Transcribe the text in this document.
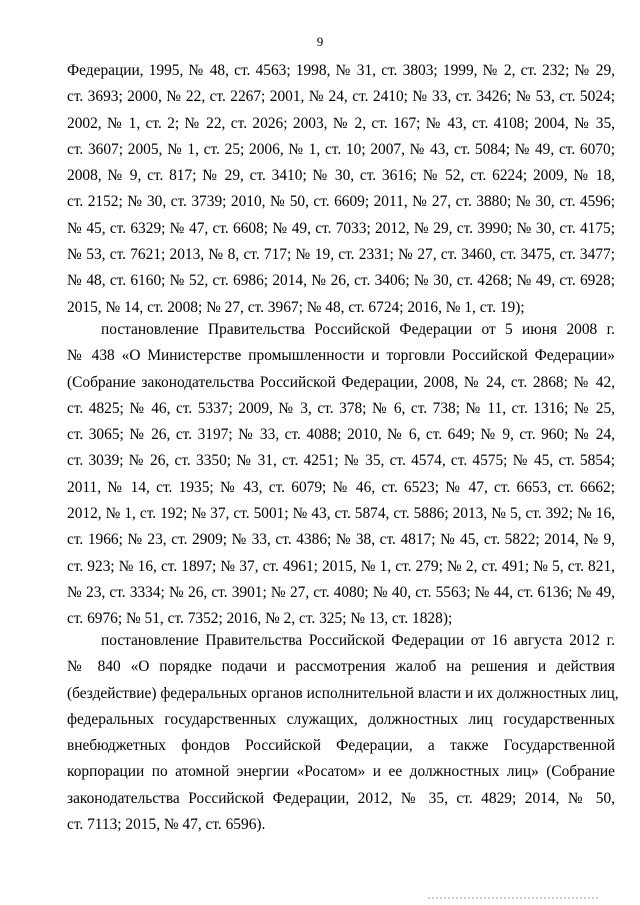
9

Федерации, 1995, № 48, ст. 4563; 1998, № 31, ст. 3803; 1999, № 2, ст. 232; № 29,
ст. 3693; 2000, № 22, ст. 2267; 2001, № 24, ст. 2410; № 33, ст. 3426; № 53, ст. 5024;
2002, № 1, ст. 2; № 22, ст. 2026; 2003, № 2, ст. 167; № 43, ст. 4108; 2004, № 35,
ст. 3607; 2005, № 1, ст. 25; 2006, № 1, ст. 10; 2007, № 43, ст. 5084; № 49, ст. 6070;
2008, № 9, ст. 817; № 29, ст. 3410; № 30, ст. 3616; № 52, ст. 6224; 2009, № 18,
ст. 2152; № 30, ст. 3739; 2010, № 50, ст. 6609; 2011, № 27, ст. 3880; № 30, ст. 4596;
№ 45, ст. 6329; № 47, ст. 6608; № 49, ст. 7033; 2012, № 29, ст. 3990; № 30, ст. 4175;
№ 53, ст. 7621; 2013, № 8, ст. 717; № 19, ст. 2331; № 27, ст. 3460, ст. 3475, ст. 3477;
№ 48, ст. 6160; № 52, ст. 6986; 2014, № 26, ст. 3406; № 30, ст. 4268; № 49, ст. 6928;
2015, № 14, ст. 2008; № 27, ст. 3967; № 48, ст. 6724; 2016, № 1, ст. 19);

постановление Правительства Российской Федерации от 5 июня 2008 г.
№ 438 «О Министерстве промышленности и торговли Российской Федерации»
(Собрание законодательства Российской Федерации, 2008, № 24, ст. 2868; № 42,
ст. 4825; № 46, ст. 5337; 2009, № 3, ст. 378; № 6, ст. 738; № 11, ст. 1316; № 25,
ст. 3065; № 26, ст. 3197; № 33, ст. 4088; 2010, № 6, ст. 649; № 9, ст. 960; № 24,
ст. 3039; № 26, ст. 3350; № 31, ст. 4251; № 35, ст. 4574, ст. 4575; № 45, ст. 5854;
2011, № 14, ст. 1935; № 43, ст. 6079; № 46, ст. 6523; № 47, ст. 6653, ст. 6662;
2012, № 1, ст. 192; № 37, ст. 5001; № 43, ст. 5874, ст. 5886; 2013, № 5, ст. 392; № 16,
ст. 1966; № 23, ст. 2909; № 33, ст. 4386; № 38, ст. 4817; № 45, ст. 5822; 2014, № 9,
ст. 923; № 16, ст. 1897; № 37, ст. 4961; 2015, № 1, ст. 279; № 2, ст. 491; № 5, ст. 821,
№ 23, ст. 3334; № 26, ст. 3901; № 27, ст. 4080; № 40, ст. 5563; № 44, ст. 6136; № 49,
ст. 6976; № 51, ст. 7352; 2016, № 2, ст. 325; № 13, ст. 1828);

постановление Правительства Российской Федерации от 16 августа 2012 г.
№ 840 «О порядке подачи и рассмотрения жалоб на решения и действия
(бездействие) федеральных органов исполнительной власти и их должностных лиц,
федеральных государственных служащих, должностных лиц государственных
внебюджетных фондов Российской Федерации, а также Государственной
корпорации по атомной энергии «Росатом» и ее должностных лиц» (Собрание
законодательства Российской Федерации, 2012, № 35, ст. 4829; 2014, № 50,
ст. 7113; 2015, № 47, ст. 6596).
